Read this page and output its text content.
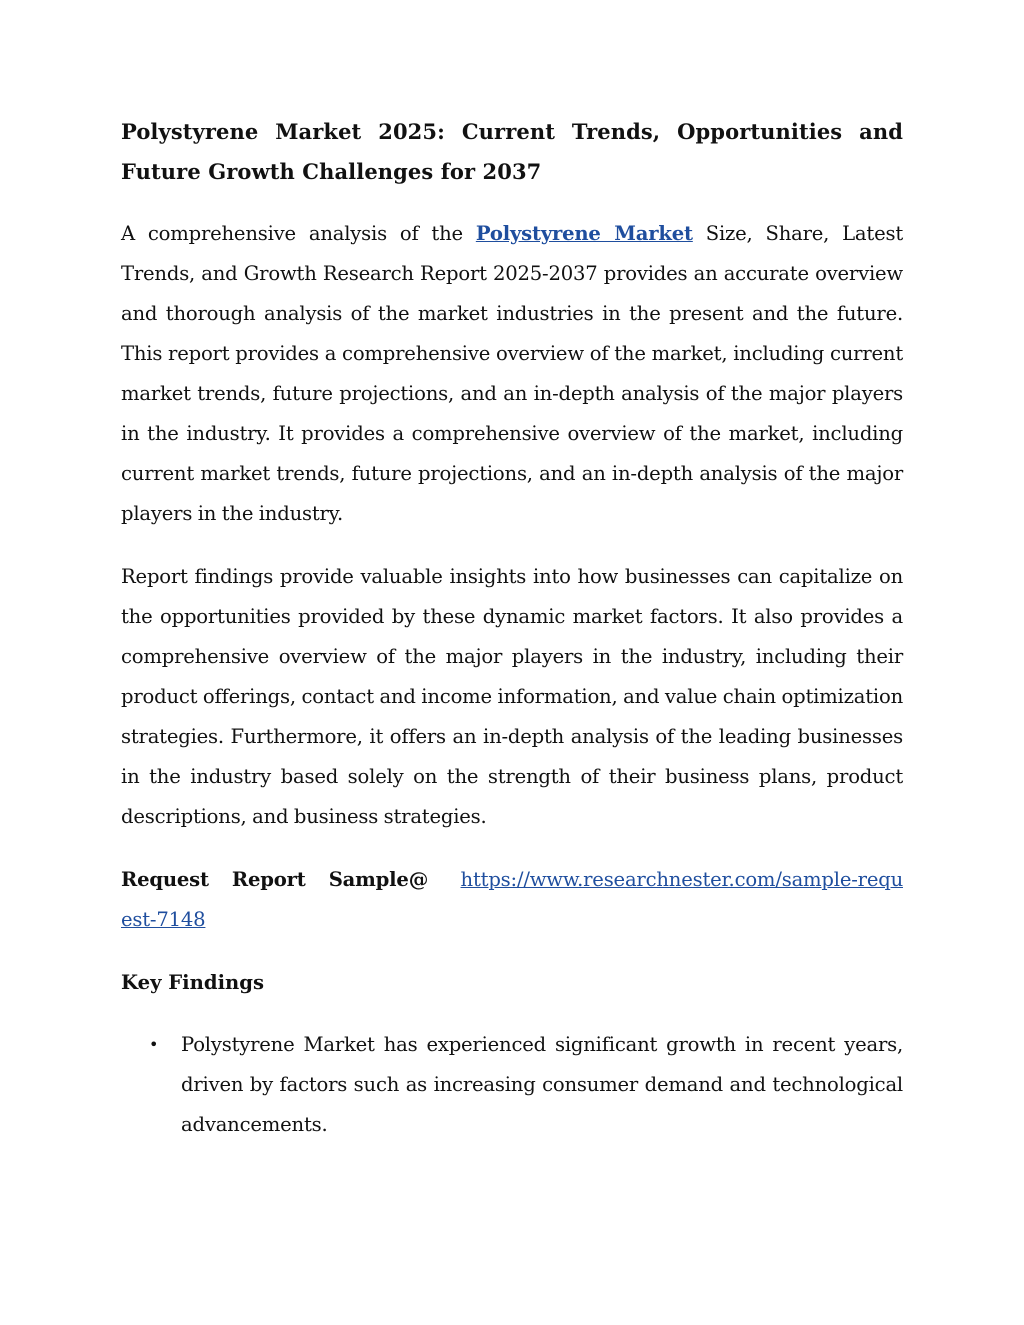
Polystyrene Market 2025: Current Trends, Opportunities and Future Growth Challenges for 2037

A comprehensive analysis of the Polystyrene Market Size, Share, Latest Trends, and Growth Research Report 2025-2037 provides an accurate overview and thorough analysis of the market industries in the present and the future. This report provides a comprehensive overview of the market, including current market trends, future projections, and an in-depth analysis of the major players in the industry. It provides a comprehensive overview of the market, including current market trends, future projections, and an in-depth analysis of the major players in the industry.

Report findings provide valuable insights into how businesses can capitalize on the opportunities provided by these dynamic market factors. It also provides a comprehensive overview of the major players in the industry, including their product offerings, contact and income information, and value chain optimization strategies. Furthermore, it offers an in-depth analysis of the leading businesses in the industry based solely on the strength of their business plans, product descriptions, and business strategies.

Request Report Sample@ https://www.researchnester.com/sample-request-7148

Key Findings
• Polystyrene Market has experienced significant growth in recent years, driven by factors such as increasing consumer demand and technological advancements.
